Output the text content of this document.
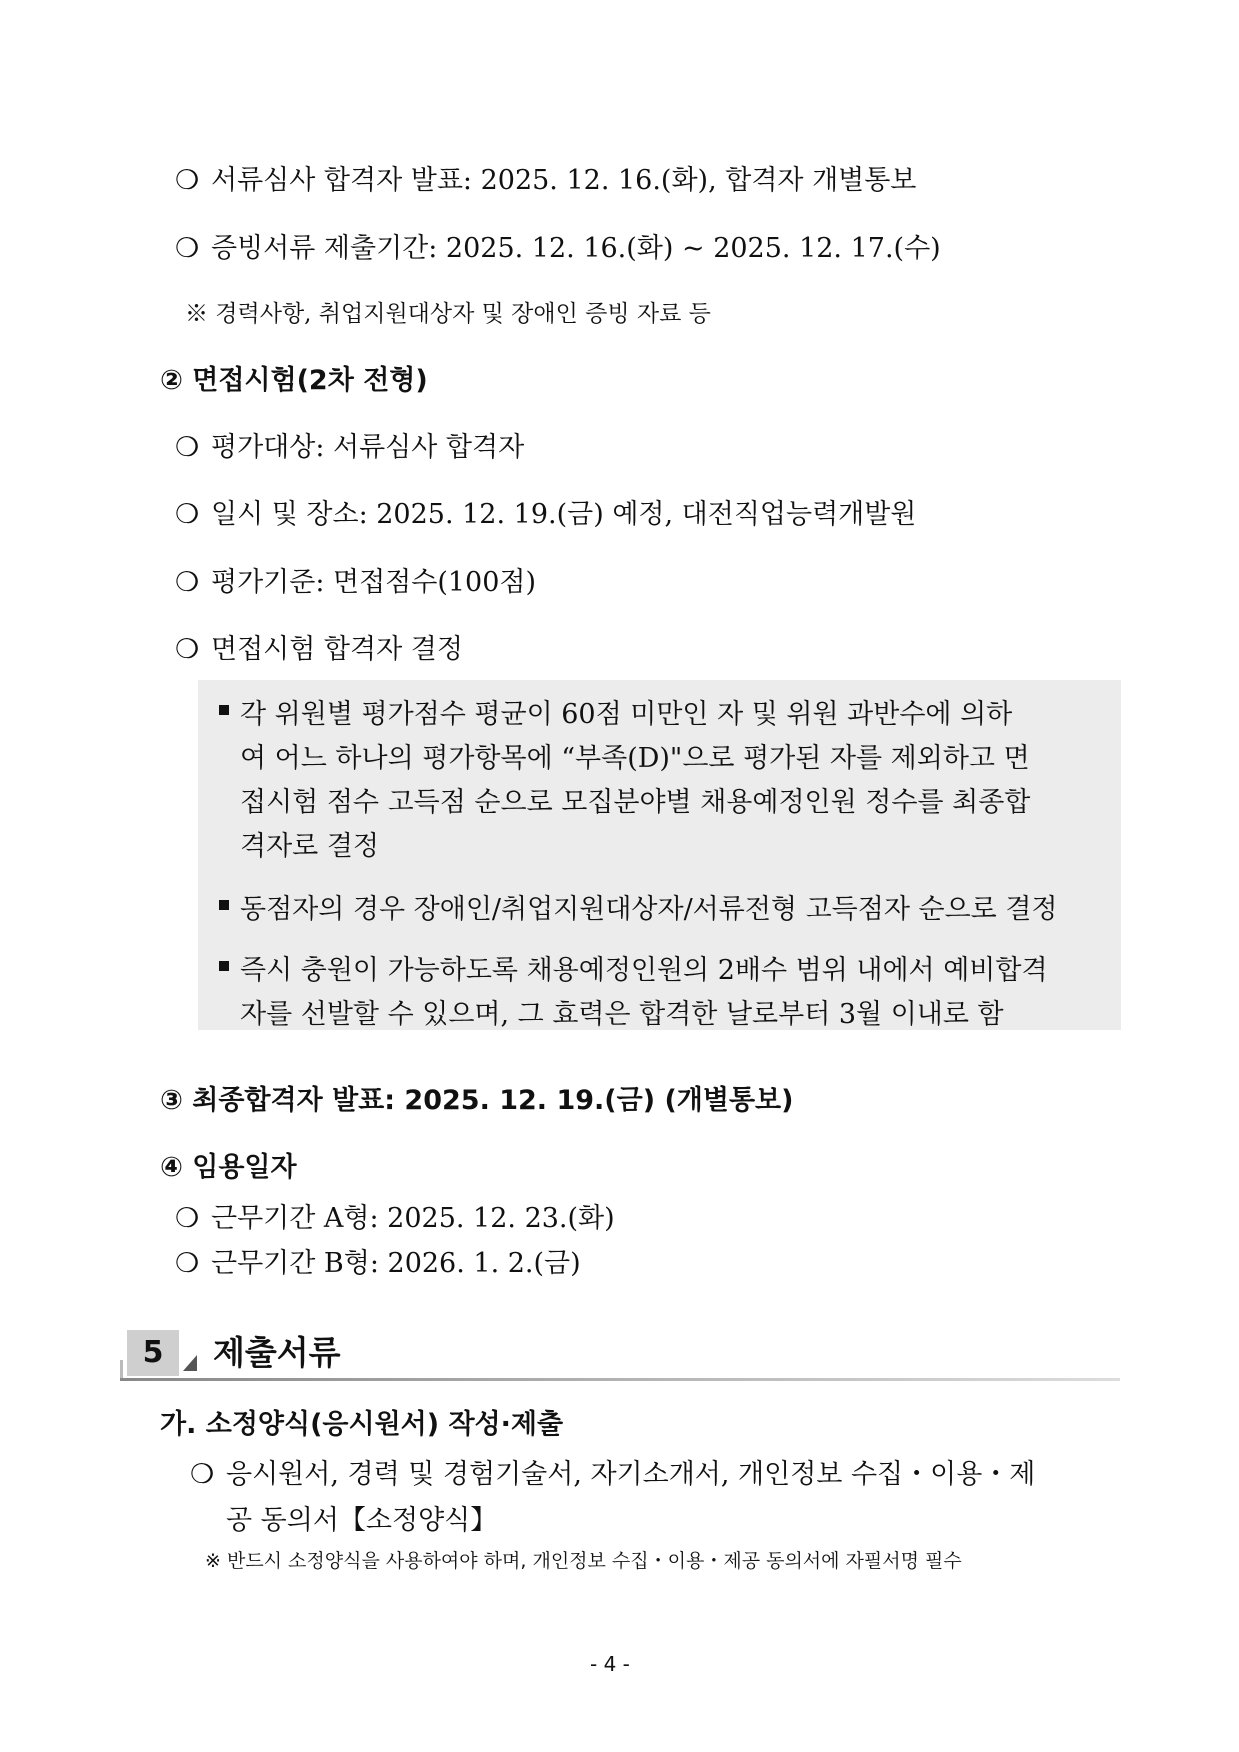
❍ 서류심사 합격자 발표: 2025. 12. 16.(화), 합격자 개별통보
❍ 증빙서류 제출기간: 2025. 12. 16.(화) ~ 2025. 12. 17.(수)
※ 경력사항, 취업지원대상자 및 장애인 증빙 자료 등
② 면접시험(2차 전형)
❍ 평가대상: 서류심사 합격자
❍ 일시 및 장소: 2025. 12. 19.(금) 예정, 대전직업능력개발원
❍ 평가기준: 면접점수(100점)
❍ 면접시험 합격자 결정
각 위원별 평가점수 평균이 60점 미만인 자 및 위원 과반수에 의하
여 어느 하나의 평가항목에 “부족(D)"으로 평가된 자를 제외하고 면
접시험 점수 고득점 순으로 모집분야별 채용예정인원 정수를 최종합
격자로 결정
동점자의 경우 장애인/취업지원대상자/서류전형 고득점자 순으로 결정
즉시 충원이 가능하도록 채용예정인원의 2배수 범위 내에서 예비합격
자를 선발할 수 있으며, 그 효력은 합격한 날로부터 3월 이내로 함
③ 최종합격자 발표: 2025. 12. 19.(금) (개별통보)
④ 임용일자
❍ 근무기간 A형: 2025. 12. 23.(화)
❍ 근무기간 B형: 2026. 1. 2.(금)
5	제출서류
가. 소정양식(응시원서) 작성·제출
❍ 응시원서, 경력 및 경험기술서, 자기소개서, 개인정보 수집・이용・제
공 동의서【소정양식】
※ 반드시 소정양식을 사용하여야 하며, 개인정보 수집・이용・제공 동의서에 자필서명 필수
- 4 -
